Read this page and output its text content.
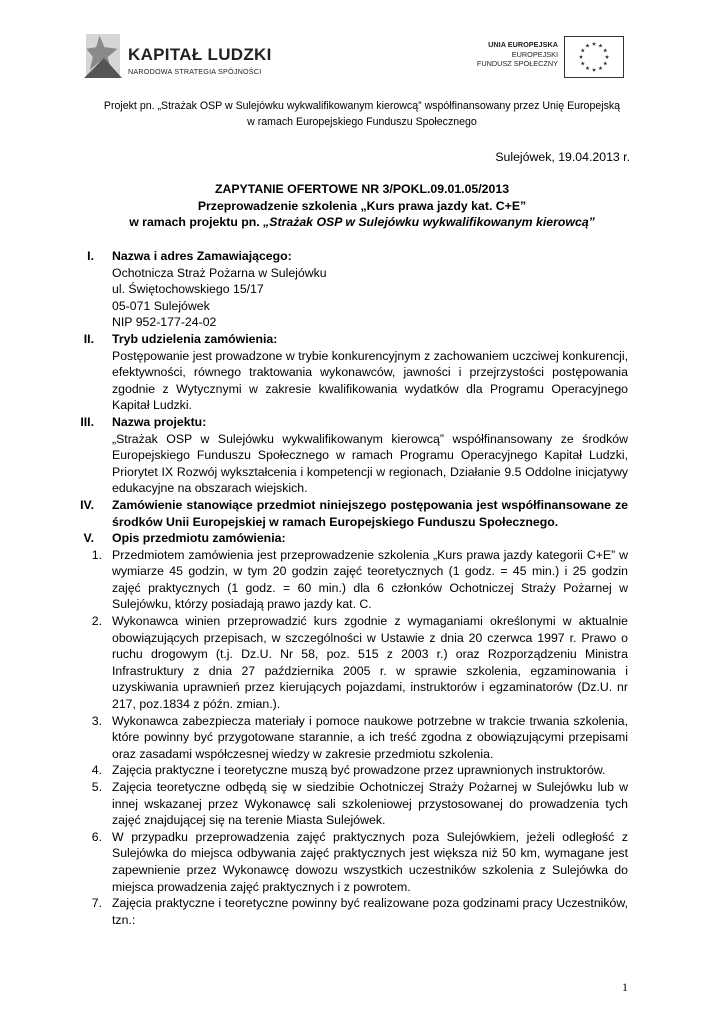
KAPITAŁ LUDZKI
NARODOWA STRATEGIA SPÓJNOŚCI
UNIA EUROPEJSKA
EUROPEJSKI
FUNDUSZ SPOŁECZNY
Projekt pn. „Strażak OSP w Sulejówku wykwalifikowanym kierowcą” współfinansowany przez Unię Europejską w ramach Europejskiego Funduszu Społecznego
Sulejówek, 19.04.2013 r.
ZAPYTANIE OFERTOWE NR 3/POKL.09.01.05/2013
Przeprowadzenie szkolenia „Kurs prawa jazdy kat. C+E”
w ramach projektu pn. „Strażak OSP w Sulejówku wykwalifikowanym kierowcą”
I. Nazwa i adres Zamawiającego:
Ochotnicza Straż Pożarna w Sulejówku
ul. Świętochowskiego 15/17
05-071 Sulejówek
NIP 952-177-24-02
II. Tryb udzielenia zamówienia:
Postępowanie jest prowadzone w trybie konkurencyjnym z zachowaniem uczciwej konkurencji, efektywności, równego traktowania wykonawców, jawności i przejrzystości postępowania zgodnie z Wytycznymi w zakresie kwalifikowania wydatków dla Programu Operacyjnego Kapitał Ludzki.
III. Nazwa projektu:
„Strażak OSP w Sulejówku wykwalifikowanym kierowcą” współfinansowany ze środków Europejskiego Funduszu Społecznego w ramach Programu Operacyjnego Kapitał Ludzki, Priorytet IX Rozwój wykształcenia i kompetencji w regionach, Działanie 9.5 Oddolne inicjatywy edukacyjne na obszarach wiejskich.
IV. Zamówienie stanowiące przedmiot niniejszego postępowania jest współfinansowane ze środków Unii Europejskiej w ramach Europejskiego Funduszu Społecznego.
V. Opis przedmiotu zamówienia:
1. Przedmiotem zamówienia jest przeprowadzenie szkolenia „Kurs prawa jazdy kategorii C+E” w wymiarze 45 godzin, w tym 20 godzin zajęć teoretycznych (1 godz. = 45 min.) i 25 godzin zajęć praktycznych (1 godz. = 60 min.) dla 6 członków Ochotniczej Straży Pożarnej w Sulejówku, którzy posiadają prawo jazdy kat. C.
2. Wykonawca winien przeprowadzić kurs zgodnie z wymaganiami określonymi w aktualnie obowiązujących przepisach, w szczególności w Ustawie z dnia 20 czerwca 1997 r. Prawo o ruchu drogowym (t.j. Dz.U. Nr 58, poz. 515 z 2003 r.) oraz Rozporządzeniu Ministra Infrastruktury z dnia 27 października 2005 r. w sprawie szkolenia, egzaminowania i uzyskiwania uprawnień przez kierujących pojazdami, instruktorów i egzaminatorów (Dz.U. nr 217, poz.1834 z późn. zmian.).
3. Wykonawca zabezpiecza materiały i pomoce naukowe potrzebne w trakcie trwania szkolenia, które powinny być przygotowane starannie, a ich treść zgodna z obowiązującymi przepisami oraz zasadami współczesnej wiedzy w zakresie przedmiotu szkolenia.
4. Zajęcia praktyczne i teoretyczne muszą być prowadzone przez uprawnionych instruktorów.
5. Zajęcia teoretyczne odbędą się w siedzibie Ochotniczej Straży Pożarnej w Sulejówku lub w innej wskazanej przez Wykonawcę sali szkoleniowej przystosowanej do prowadzenia tych zajęć znajdującej się na terenie Miasta Sulejówek.
6. W przypadku przeprowadzenia zajęć praktycznych poza Sulejówkiem, jeżeli odległość z Sulejówka do miejsca odbywania zajęć praktycznych jest większa niż 50 km, wymagane jest zapewnienie przez Wykonawcę dowozu wszystkich uczestników szkolenia z Sulejówka do miejsca prowadzenia zajęć praktycznych i z powrotem.
7. Zajęcia praktyczne i teoretyczne powinny być realizowane poza godzinami pracy Uczestników, tzn.:
1
